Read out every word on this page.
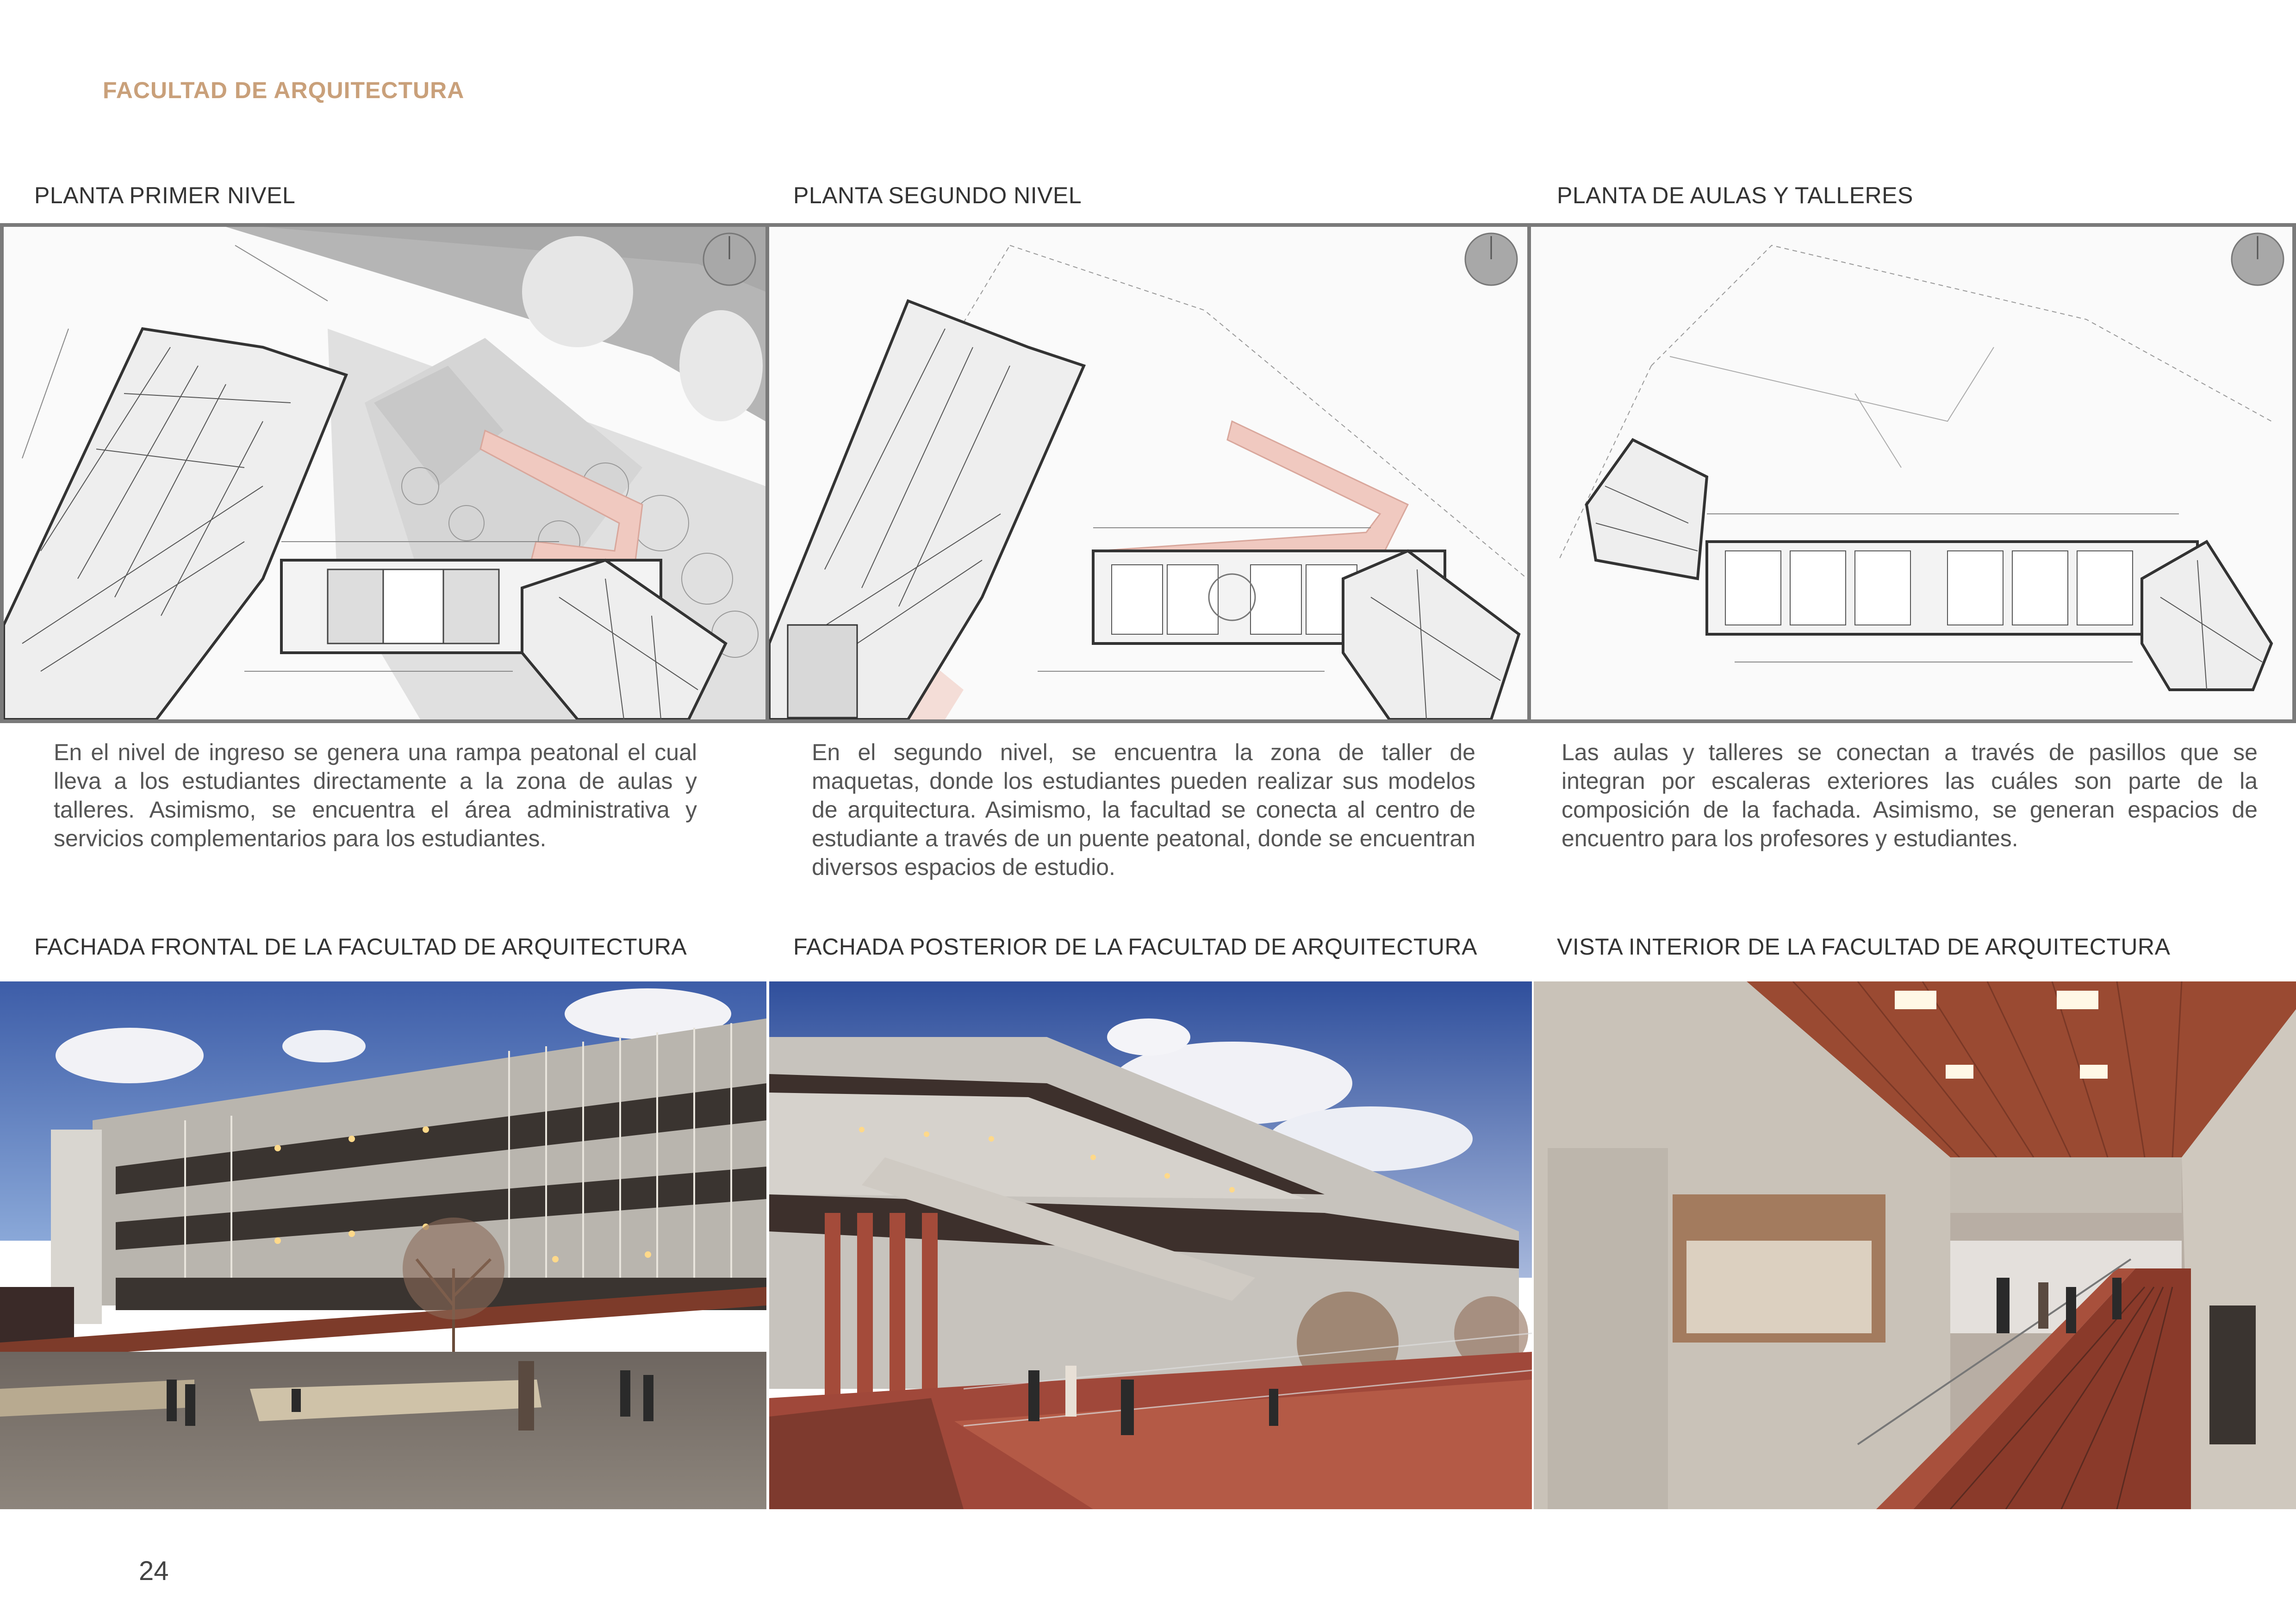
FACULTAD DE ARQUITECTURA
PLANTA PRIMER NIVEL	PLANTA SEGUNDO NIVEL	PLANTA DE AULAS Y TALLERES
En el nivel de ingreso se genera una rampa peatonal el cual lleva a los estudiantes directamente a la zona de aulas y talleres. Asimismo, se encuentra el área administrativa y servicios complementarios para los estudiantes.
En el segundo nivel, se encuentra la zona de taller de maquetas, donde los estudiantes pueden realizar sus modelos de arquitectura. Asimismo, la facultad se conecta al centro de estudiante a través de un puente peatonal, donde se encuentran diversos espacios de estudio.
Las aulas y talleres se conectan a través de pasillos que se integran por escaleras exteriores las cuáles son parte de la composición de la fachada. Asimismo, se generan espacios de encuentro para los profesores y estudiantes.
FACHADA FRONTAL DE LA FACULTAD DE ARQUITECTURA	FACHADA POSTERIOR DE LA FACULTAD DE ARQUITECTURA	VISTA INTERIOR DE LA FACULTAD DE ARQUITECTURA
24
